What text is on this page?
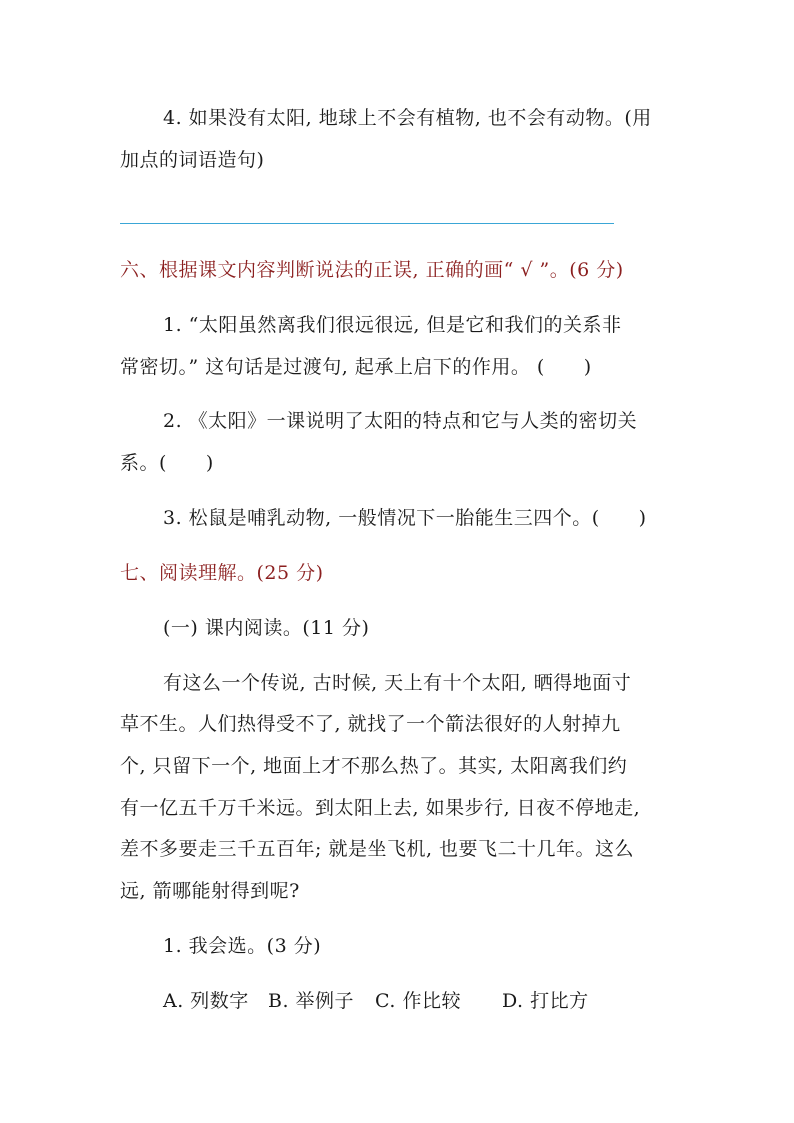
4. 如果没有太阳, 地球上不会有植物, 也不会有动物。(用
加点的词语造句)
六、根据课文内容判断说法的正误, 正确的画“ √ ”。(6 分)
1. “太阳虽然离我们很远很远, 但是它和我们的关系非
常密切。” 这句话是过渡句, 起承上启下的作用。 (　　)
2. 《太阳》一课说明了太阳的特点和它与人类的密切关
系。(　　)
3. 松鼠是哺乳动物, 一般情况下一胎能生三四个。(　　)
七、阅读理解。(25 分)
(一) 课内阅读。(11 分)
有这么一个传说, 古时候, 天上有十个太阳, 晒得地面寸
草不生。人们热得受不了, 就找了一个箭法很好的人射掉九
个, 只留下一个, 地面上才不那么热了。其实, 太阳离我们约
有一亿五千万千米远。到太阳上去, 如果步行, 日夜不停地走,
差不多要走三千五百年; 就是坐飞机, 也要飞二十几年。这么
远, 箭哪能射得到呢?
1. 我会选。(3 分)
A. 列数字 B. 举例子 C. 作比较 D. 打比方
